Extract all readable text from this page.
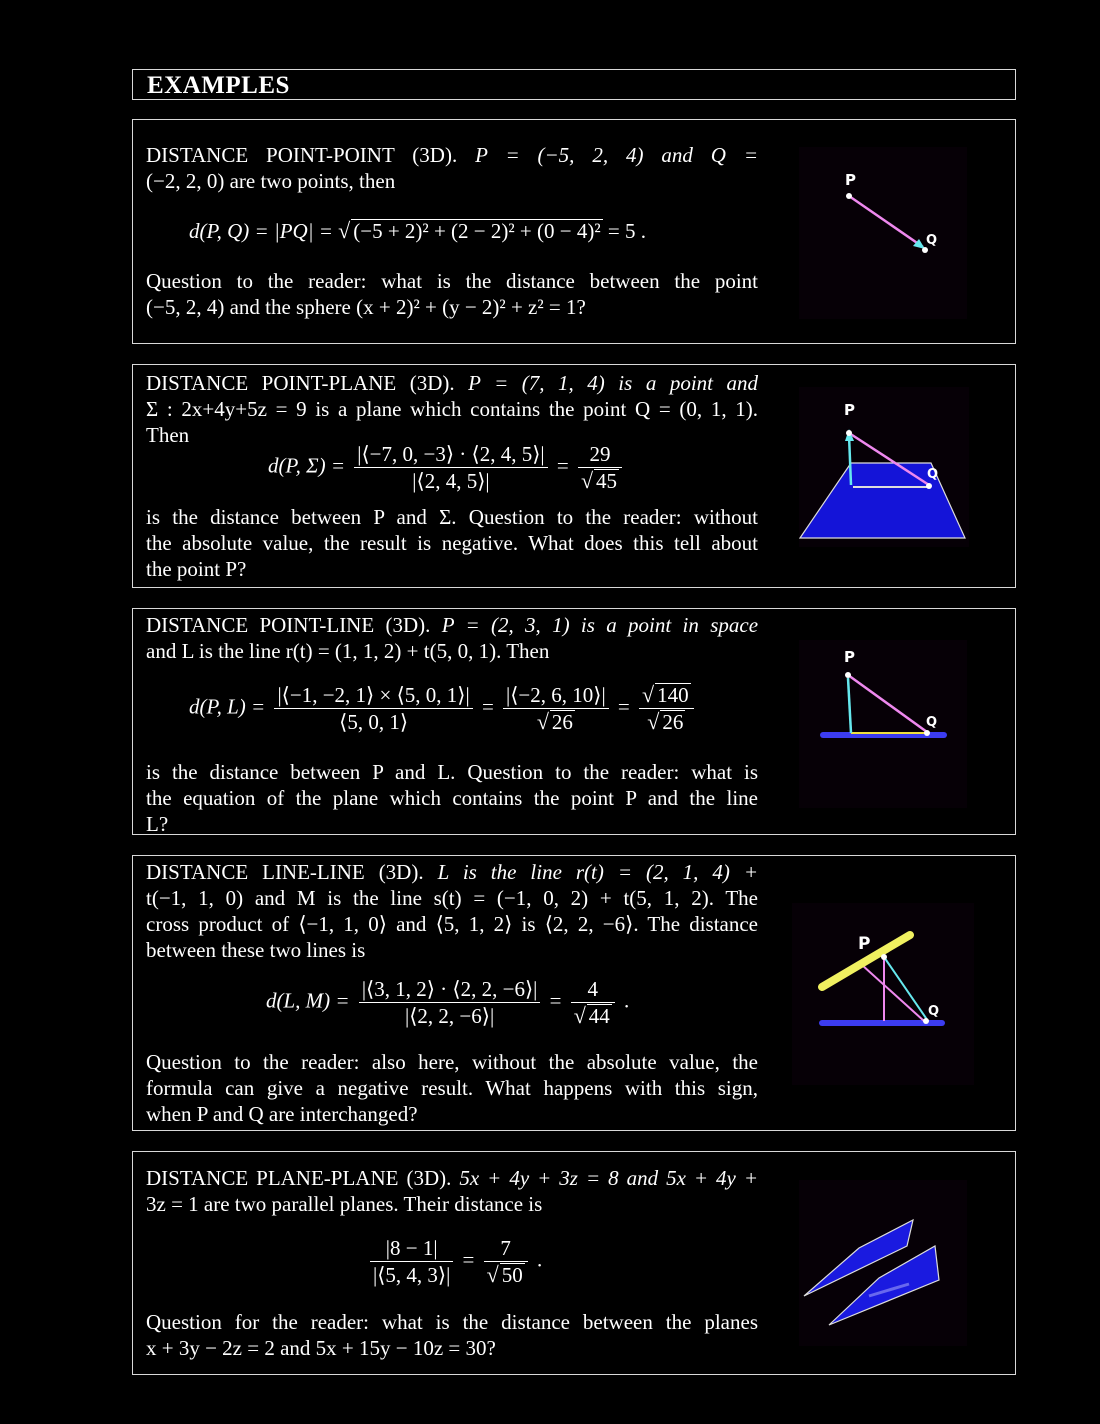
EXAMPLES
DISTANCE POINT-POINT (3D). P = (−5, 2, 4) and Q =
(−2, 2, 0) are two points, then
d(P, Q) = |PQ| = √ (−5 + 2)² + (2 − 2)² + (0 − 4)² = 5 .
Question to the reader: what is the distance between the point
(−5, 2, 4) and the sphere (x + 2)² + (y − 2)² + z² = 1?
P
Q
DISTANCE POINT-PLANE (3D). P = (7, 1, 4) is a point and
Σ : 2x+4y+5z = 9 is a plane which contains the point Q = (0, 1, 1).
Then
d(P, $\Sigma) = \frac{|⟨-7, 0, -3⟩ \cdot ⟨2, 4, 5⟩|}{|⟨2, 4, 5⟩|} = \frac{29}{√ 45}$
is the distance between P and Σ. Question to the reader: without
the absolute value, the result is negative. What does this tell about
the point P?
P
Q
DISTANCE POINT-LINE (3D). P = (2, 3, 1) is a point in space
and L is the line r(t) = (1, 1, 2) + t(5, 0, 1). Then
d(P, $L) = \frac{|⟨-1, -2, 1⟩ \times ⟨5, 0, 1⟩|}{⟨5, 0, 1⟩} = \frac{|⟨-2, 6, 10⟩|}{√ 26} = \frac{√ 140}{√ 26}$
is the distance between P and L. Question to the reader: what is
the equation of the plane which contains the point P and the line
L?
P
Q
DISTANCE LINE-LINE (3D). L is the line r(t) = (2, 1, 4) +
t(−1, 1, 0) and M is the line s(t) = (−1, 0, 2) + t(5, 1, 2). The
cross product of ⟨−1, 1, 0⟩ and ⟨5, 1, 2⟩ is ⟨2, 2, −6⟩. The distance
between these two lines is
d(L, $M) = \frac{|⟨3, 1, 2⟩ \cdot ⟨2, 2, -6⟩|}{|⟨2, 2, -6⟩|} = \frac{4}{√ 44}$ .
Question to the reader: also here, without the absolute value, the
formula can give a negative result. What happens with this sign,
when P and Q are interchanged?
P
Q
DISTANCE PLANE-PLANE (3D). 5x + 4y + 3z = 8 and 5x + 4y +
3z = 1 are two parallel planes. Their distance is
$\frac{|8 - 1|}{|⟨5, 4, 3⟩|} = \frac{7}{√ 50}$ .
Question for the reader: what is the distance between the planes
x + 3y − 2z = 2 and 5x + 15y − 10z = 30?
